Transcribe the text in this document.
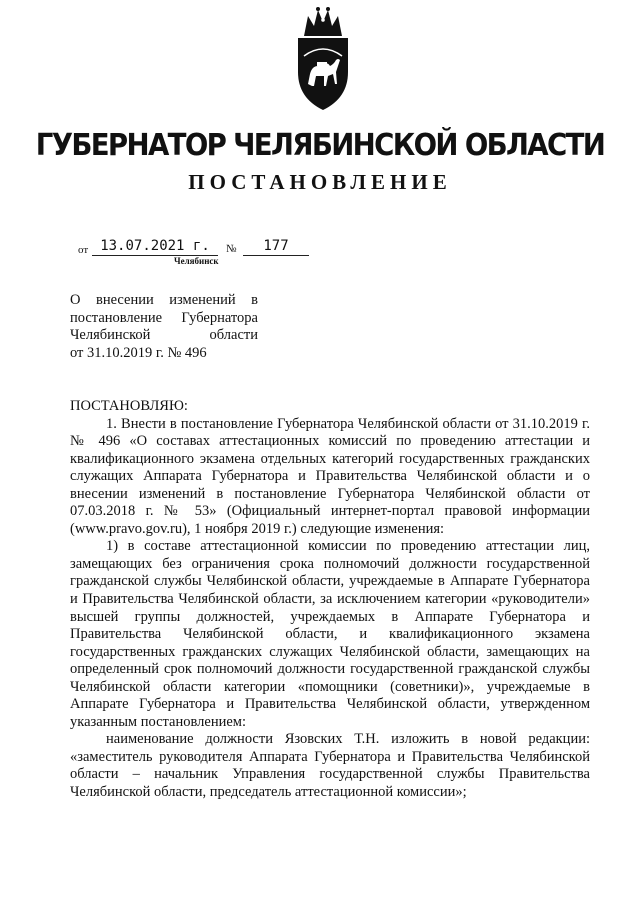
ГУБЕРНАТОР ЧЕЛЯБИНСКОЙ ОБЛАСТИ
ПОСТАНОВЛЕНИЕ
от 13.07.2021 г.	№	177
Челябинск
О внесении изменений в
постановление Губернатора
Челябинской области
от 31.10.2019 г. № 496

ПОСТАНОВЛЯЮ:

1. Внести в постановление Губернатора Челябинской области от 31.10.2019 г. № 496 «О составах аттестационных комиссий по проведению аттестации и квалификационного экзамена отдельных категорий государственных гражданских служащих Аппарата Губернатора и Правительства Челябинской области и о внесении изменений в постановление Губернатора Челябинской области от 07.03.2018 г. № 53» (Официальный интернет-портал правовой информации (www.pravo.gov.ru), 1 ноября 2019 г.) следующие изменения:

1) в составе аттестационной комиссии по проведению аттестации лиц, замещающих без ограничения срока полномочий должности государственной гражданской службы Челябинской области, учреждаемые в Аппарате Губернатора и Правительства Челябинской области, за исключением категории «руководители» высшей группы должностей, учреждаемых в Аппарате Губернатора и Правительства Челябинской области, и квалификационного экзамена государственных гражданских служащих Челябинской области, замещающих на определенный срок полномочий должности государственной гражданской службы Челябинской области категории «помощники (советники)», учреждаемые в Аппарате Губернатора и Правительства Челябинской области, утвержденном указанным постановлением:

наименование должности Язовских Т.Н. изложить в новой редакции: «заместитель руководителя Аппарата Губернатора и Правительства Челябинской области – начальник Управления государственной службы Правительства Челябинской области, председатель аттестационной комиссии»;
